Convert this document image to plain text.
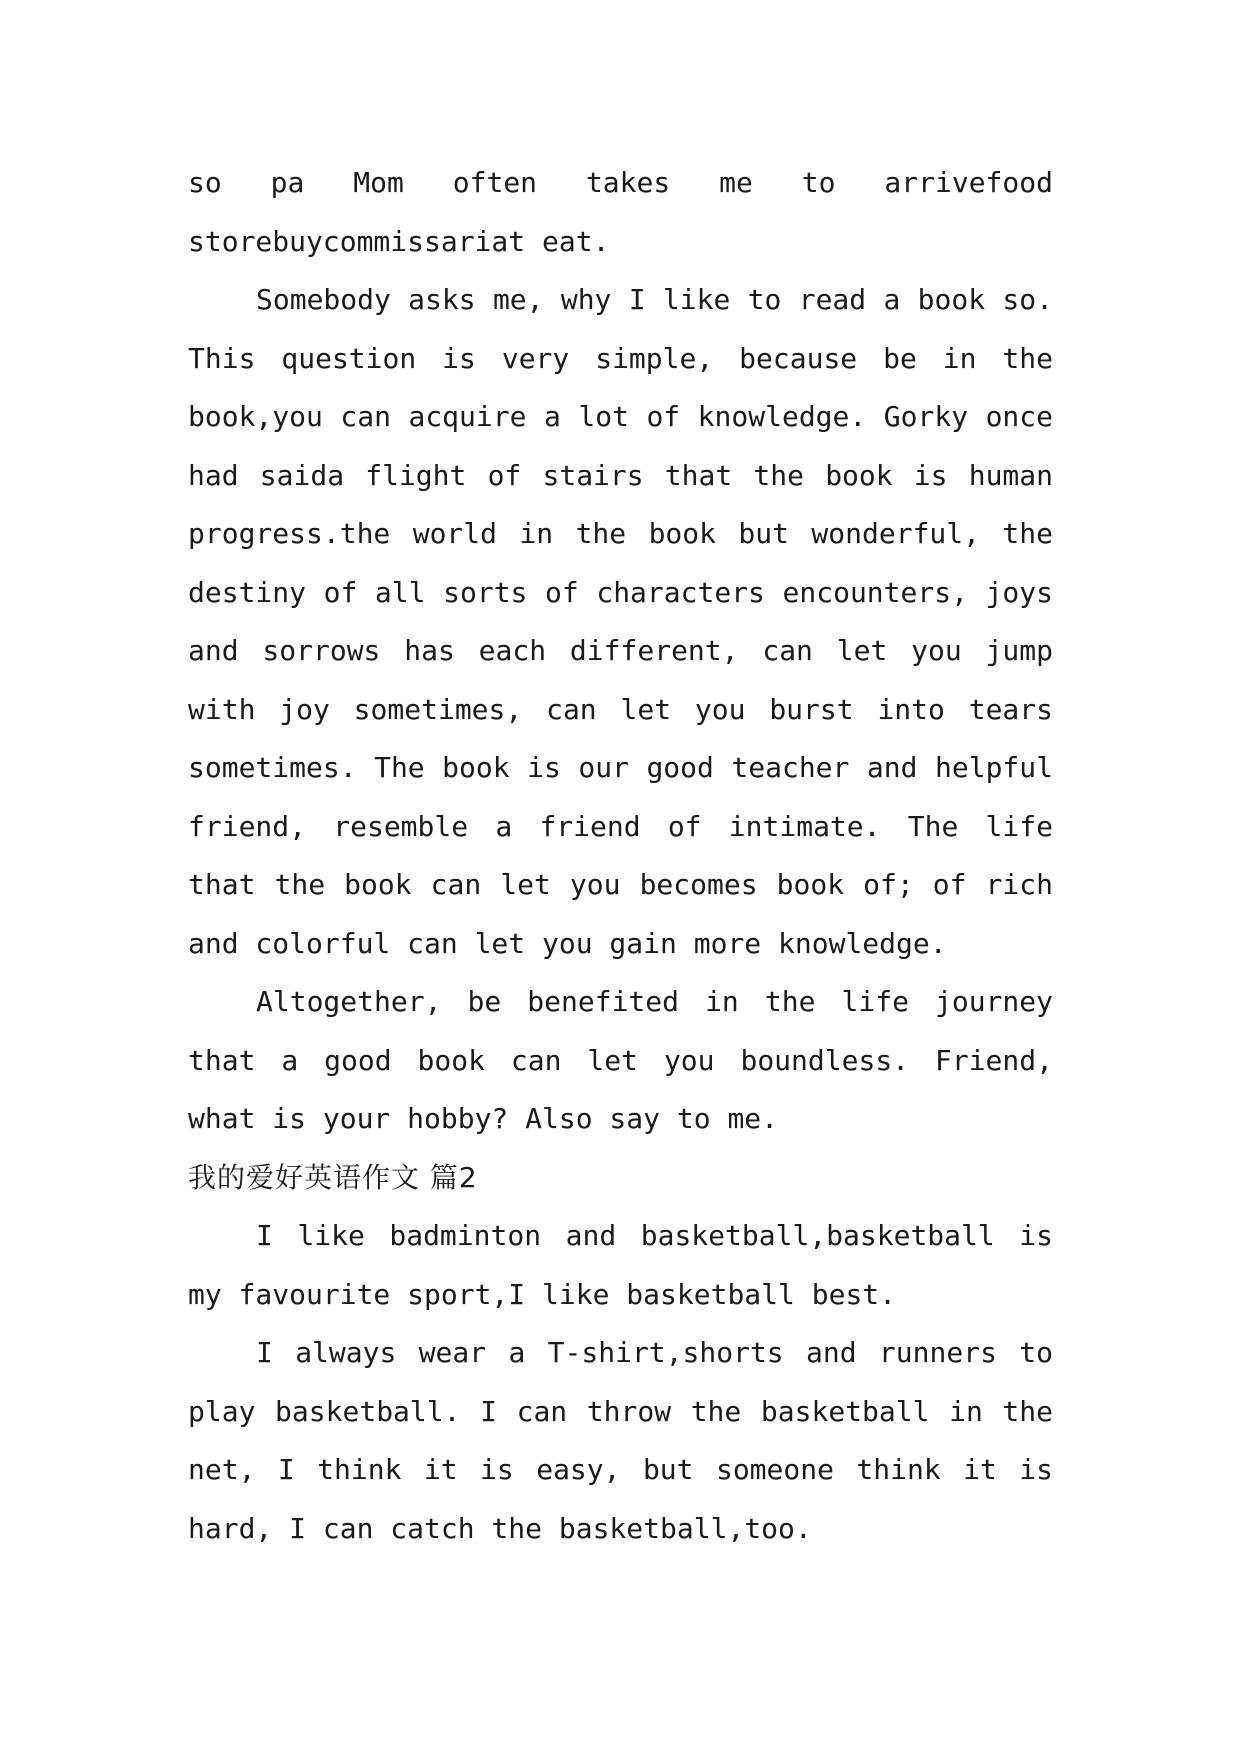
so pa Mom often takes me to arrivefood storebuycommissariat eat.

Somebody asks me, why I like to read a book so. This question is very simple, because be in the book,you can acquire a lot of knowledge. Gorky once had saida flight of stairs that the book is human progress.the world in the book but wonderful, the destiny of all sorts of characters encounters, joys and sorrows has each different, can let you jump with joy sometimes, can let you burst into tears sometimes. The book is our good teacher and helpful friend, resemble a friend of intimate. The life that the book can let you becomes book of; of rich and colorful can let you gain more knowledge.

Altogether, be benefited in the life journey that a good book can let you boundless. Friend, what is your hobby? Also say to me.

我的爱好英语作文 篇2

I like badminton and basketball,basketball is my favourite sport,I like basketball best.

I always wear a T-shirt,shorts and runners to play basketball. I can throw the basketball in the net, I think it is easy, but someone think it is hard, I can catch the basketball,too.
